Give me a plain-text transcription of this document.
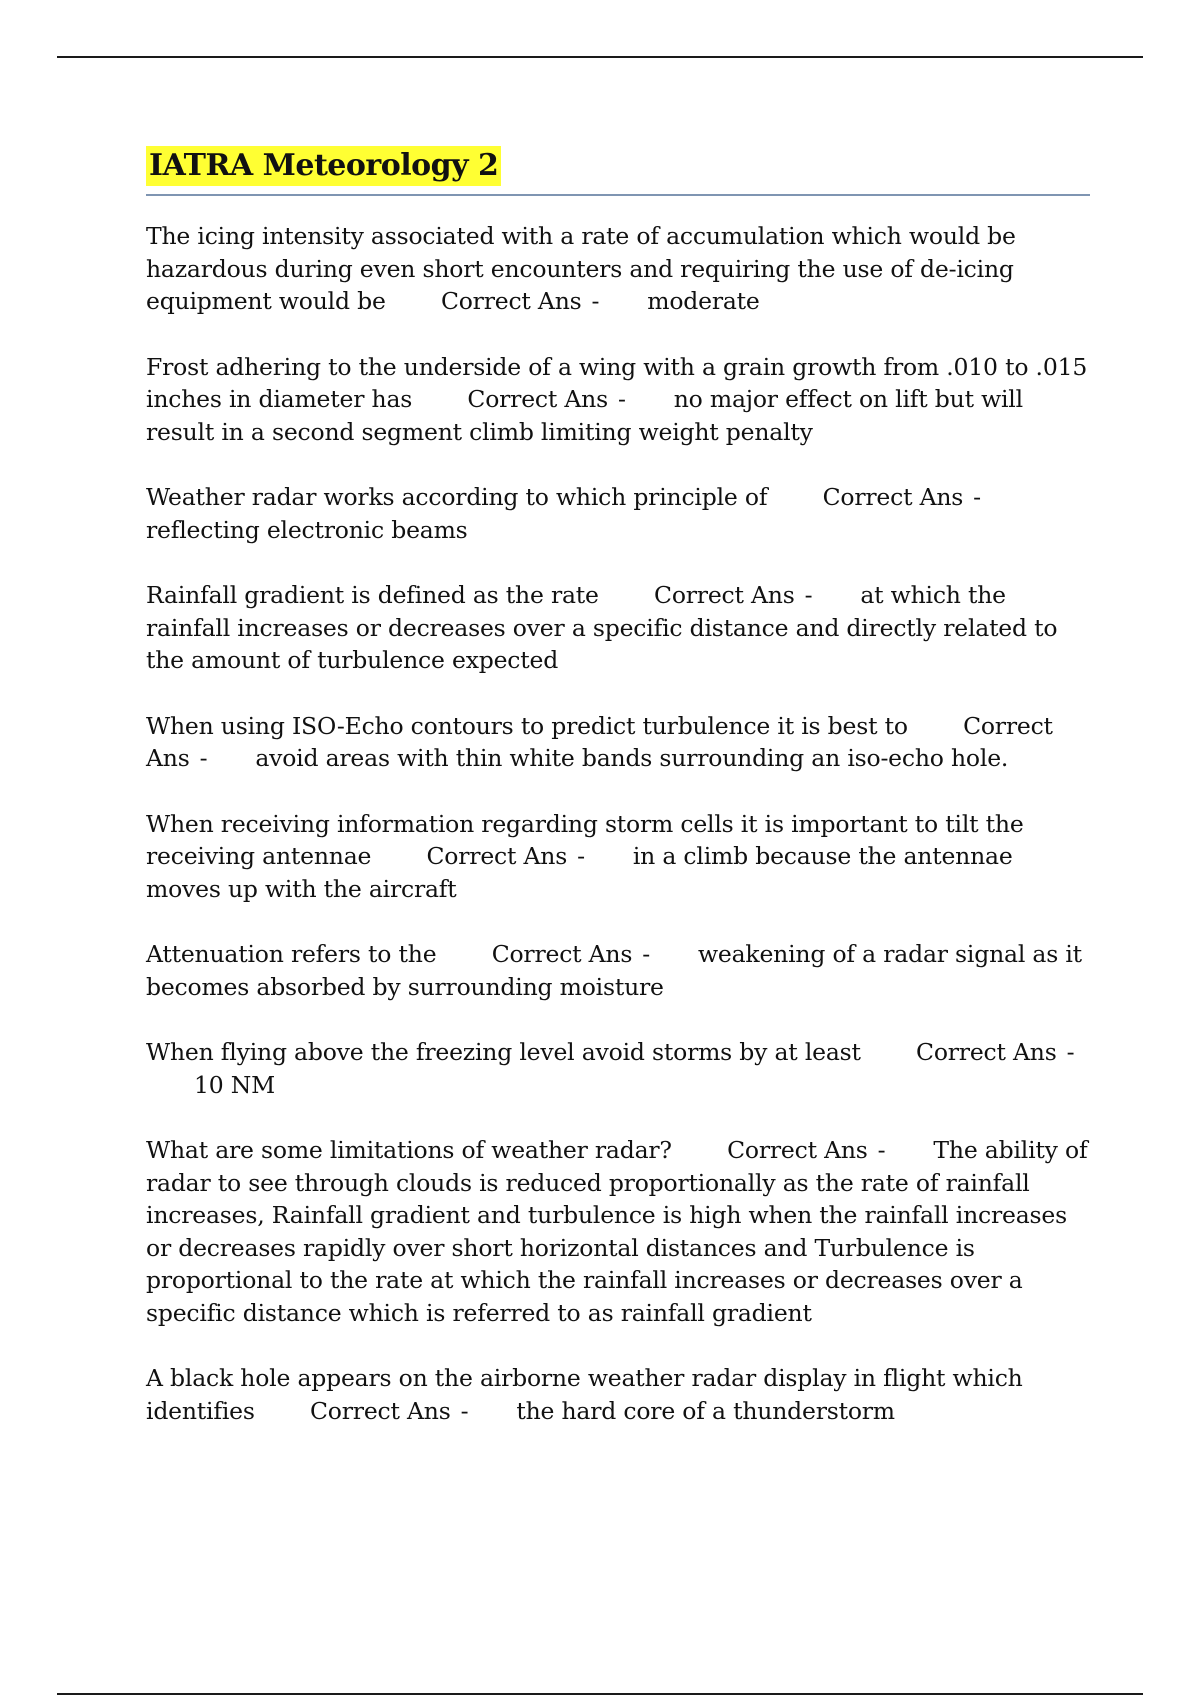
IATRA Meteorology 2

The icing intensity associated with a rate of accumulation which would be hazardous during even short encounters and requiring the use of de-icing equipment would be Correct Ans - moderate

Frost adhering to the underside of a wing with a grain growth from .010 to .015 inches in diameter has Correct Ans - no major effect on lift but will result in a second segment climb limiting weight penalty

Weather radar works according to which principle of Correct Ans -reflecting electronic beams

Rainfall gradient is defined as the rate Correct Ans - at which the rainfall increases or decreases over a specific distance and directly related to the amount of turbulence expected

When using ISO-Echo contours to predict turbulence it is best to Correct Ans - avoid areas with thin white bands surrounding an iso-echo hole.

When receiving information regarding storm cells it is important to tilt the receiving antennae Correct Ans - in a climb because the antennae moves up with the aircraft

Attenuation refers to the Correct Ans - weakening of a radar signal as it becomes absorbed by surrounding moisture

When flying above the freezing level avoid storms by at least Correct Ans -10 NM

What are some limitations of weather radar? Correct Ans - The ability of radar to see through clouds is reduced proportionally as the rate of rainfall increases, Rainfall gradient and turbulence is high when the rainfall increases or decreases rapidly over short horizontal distances and Turbulence is proportional to the rate at which the rainfall increases or decreases over a specific distance which is referred to as rainfall gradient

A black hole appears on the airborne weather radar display in flight which identifies Correct Ans - the hard core of a thunderstorm
